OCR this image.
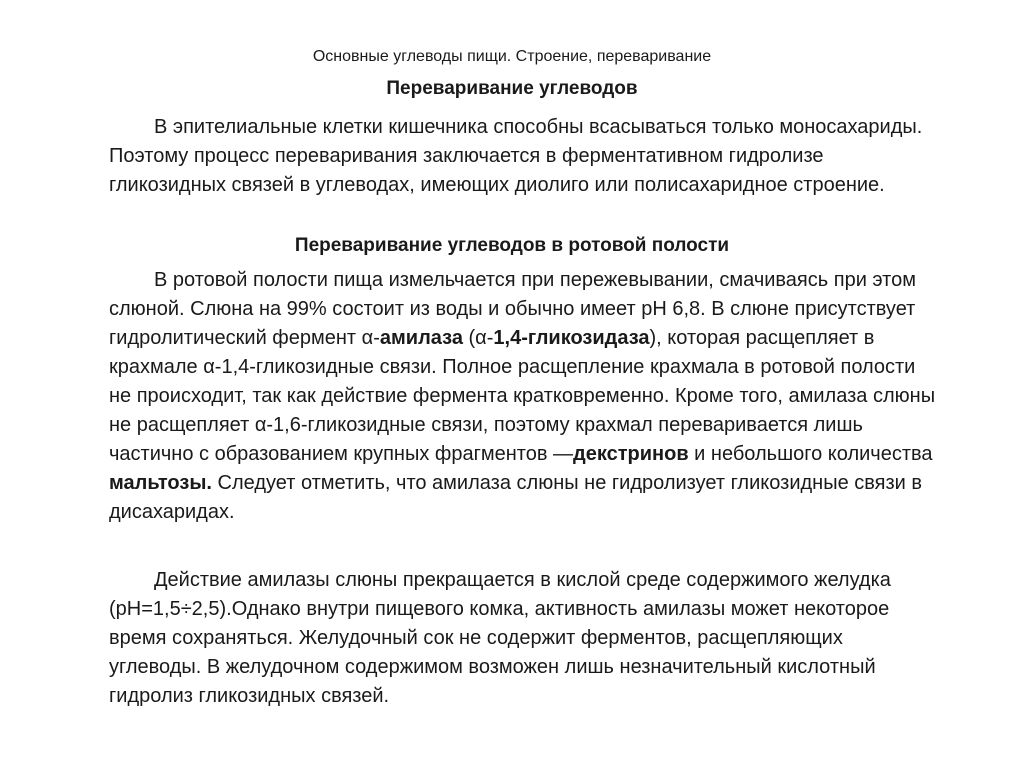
Основные углеводы пищи. Строение, переваривание
Переваривание углеводов

В эпителиальные клетки кишечника способны всасываться только моносахариды. Поэтому процесс переваривания заключается в ферментативном гидролизе гликозидных связей в углеводах, имеющих диолиго или полисахаридное строение.

Переваривание углеводов в ротовой полости

В ротовой полости пища измельчается при пережевывании, смачиваясь при этом слюной. Слюна на 99% состоит из воды и обычно имеет рН 6,8. В слюне присутствует гидролитический фермент α-амилаза (α-1,4-гликозидаза), которая расщепляет в крахмале α-1,4-гликозидные связи. Полное расщепление крахмала в ротовой полости не происходит, так как действие фермента кратковременно. Кроме того, амилаза слюны не расщепляет α-1,6-гликозидные связи, поэтому крахмал переваривается лишь частично с образованием крупных фрагментов —декстринов и небольшого количества мальтозы. Следует отметить, что амилаза слюны не гидролизует гликозидные связи в дисахаридах.

Действие амилазы слюны прекращается в кислой среде содержимого желудка (рН=1,5÷2,5).Однако внутри пищевого комка, активность амилазы может некоторое время сохраняться. Желудочный сок не содержит ферментов, расщепляющих углеводы. В желудочном содержимом возможен лишь незначительный кислотный гидролиз гликозидных связей.
